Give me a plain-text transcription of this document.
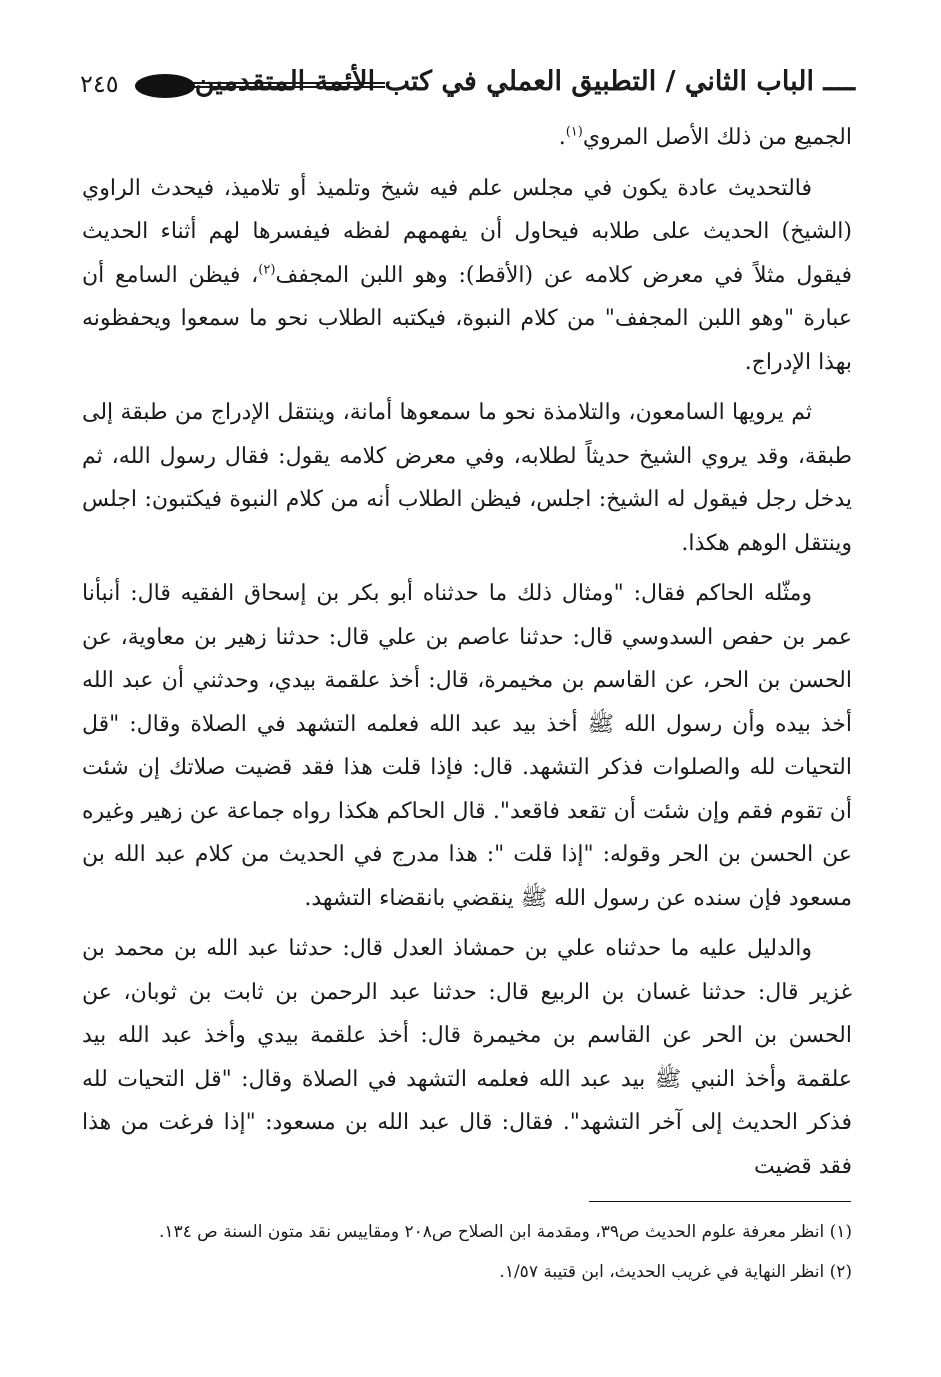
ــــ الباب الثاني / التطبيق العملي في كتب الأئمة المتقدمين
٢٤٥

الجميع من ذلك الأصل المروي$^{(١)}$.

فالتحديث عادة يكون في مجلس علم فيه شيخ وتلميذ أو تلاميذ، فيحدث الراوي (الشيخ) الحديث على طلابه فيحاول أن يفهمهم لفظه فيفسرها لهم أثناء الحديث فيقول مثلاً في معرض كلامه عن (الأقط): وهو اللبن المجفف$^{(٢)}$، فيظن السامع أن عبارة "وهو اللبن المجفف" من كلام النبوة، فيكتبه الطلاب نحو ما سمعوا ويحفظونه بهذا الإدراج.

ثم يرويها السامعون، والتلامذة نحو ما سمعوها أمانة، وينتقل الإدراج من طبقة إلى طبقة، وقد يروي الشيخ حديثاً لطلابه، وفي معرض كلامه يقول: فقال رسول الله، ثم يدخل رجل فيقول له الشيخ: اجلس، فيظن الطلاب أنه من كلام النبوة فيكتبون: اجلس وينتقل الوهم هكذا.

ومثّله الحاكم فقال: "ومثال ذلك ما حدثناه أبو بكر بن إسحاق الفقيه قال: أنبأنا عمر بن حفص السدوسي قال: حدثنا عاصم بن علي قال: حدثنا زهير بن معاوية، عن الحسن بن الحر، عن القاسم بن مخيمرة، قال: أخذ علقمة بيدي، وحدثني أن عبد الله أخذ بيده وأن رسول الله ﷺ أخذ بيد عبد الله فعلمه التشهد في الصلاة وقال: "قل التحيات لله والصلوات فذكر التشهد. قال: فإذا قلت هذا فقد قضيت صلاتك إن شئت أن تقوم فقم وإن شئت أن تقعد فاقعد". قال الحاكم هكذا رواه جماعة عن زهير وغيره عن الحسن بن الحر وقوله: "إذا قلت ": هذا مدرج في الحديث من كلام عبد الله بن مسعود فإن سنده عن رسول الله ﷺ ينقضي بانقضاء التشهد.

والدليل عليه ما حدثناه علي بن حمشاذ العدل قال: حدثنا عبد الله بن محمد بن غزير قال: حدثنا غسان بن الربيع قال: حدثنا عبد الرحمن بن ثابت بن ثوبان، عن الحسن بن الحر عن القاسم بن مخيمرة قال: أخذ علقمة بيدي وأخذ عبد الله بيد علقمة وأخذ النبي ﷺ بيد عبد الله فعلمه التشهد في الصلاة وقال: "قل التحيات لله فذكر الحديث إلى آخر التشهد". فقال: قال عبد الله بن مسعود: "إذا فرغت من هذا فقد قضيت

(١) انظر معرفة علوم الحديث ص٣٩، ومقدمة ابن الصلاح ص٢٠٨ ومقاييس نقد متون السنة ص ١٣٤.

(٢) انظر النهاية في غريب الحديث، ابن قتيبة ١/٥٧.
